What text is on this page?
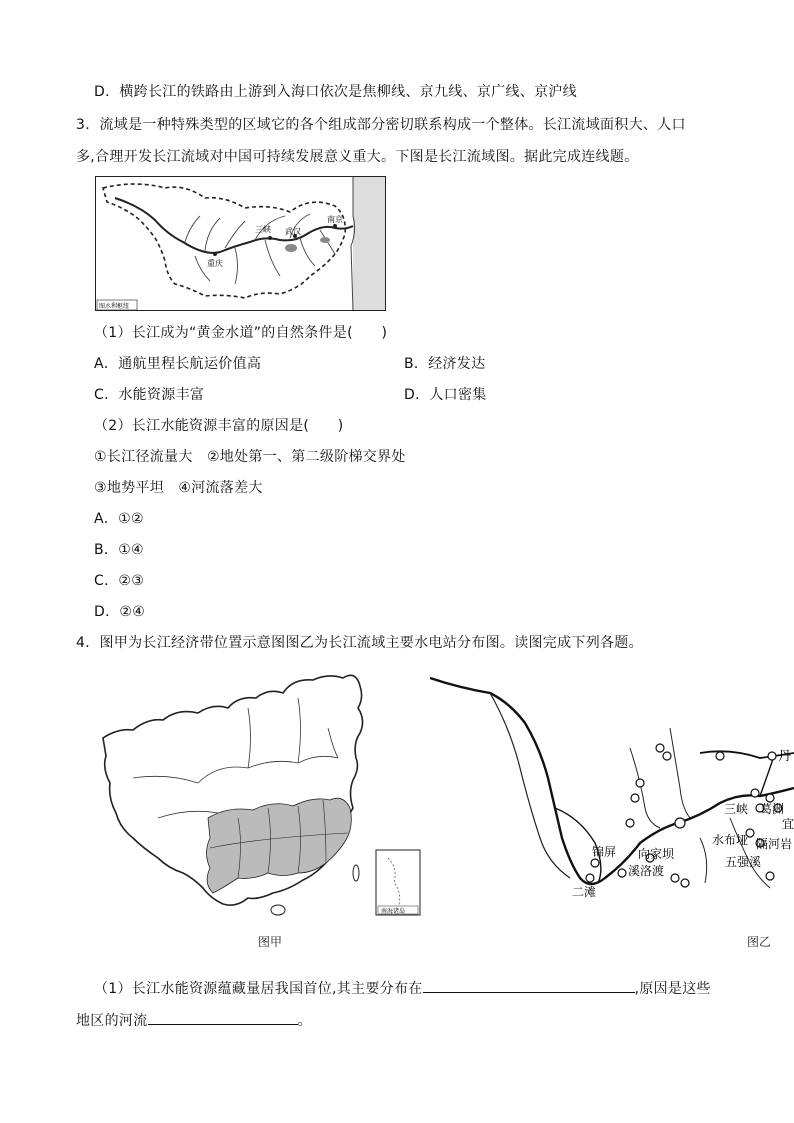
D．横跨长江的铁路由上游到入海口依次是焦柳线、京九线、京广线、京沪线
3．流域是一种特殊类型的区域它的各个组成部分密切联系构成一个整体。长江流域面积大、人口
多,合理开发长江流域对中国可持续发展意义重大。下图是长江流域图。据此完成连线题。
三峡 武汉
南京
重庆
图水利枢纽
（1）长江成为“黄金水道”的自然条件是(　　)
A．通航里程长航运价值高	B．经济发达
C．水能资源丰富	D．人口密集
（2）长江水能资源丰富的原因是(　　)
①长江径流量大　②地处第一、第二级阶梯交界处
③地势平坦　④河流落差大
A．①②
B．①④
C．②③
D．②④
4．图甲为长江经济带位置示意图图乙为长江流域主要水电站分布图。读图完成下列各题。
南海诸岛
图甲
丹
三峡 葛洲
宜
水布垭 隔河岩
五强溪
锦屏 向家坝
溪洛渡
二滩
图乙
（1）长江水能资源蕴藏量居我国首位,其主要分布在	,原因是这些
地区的河流	。
